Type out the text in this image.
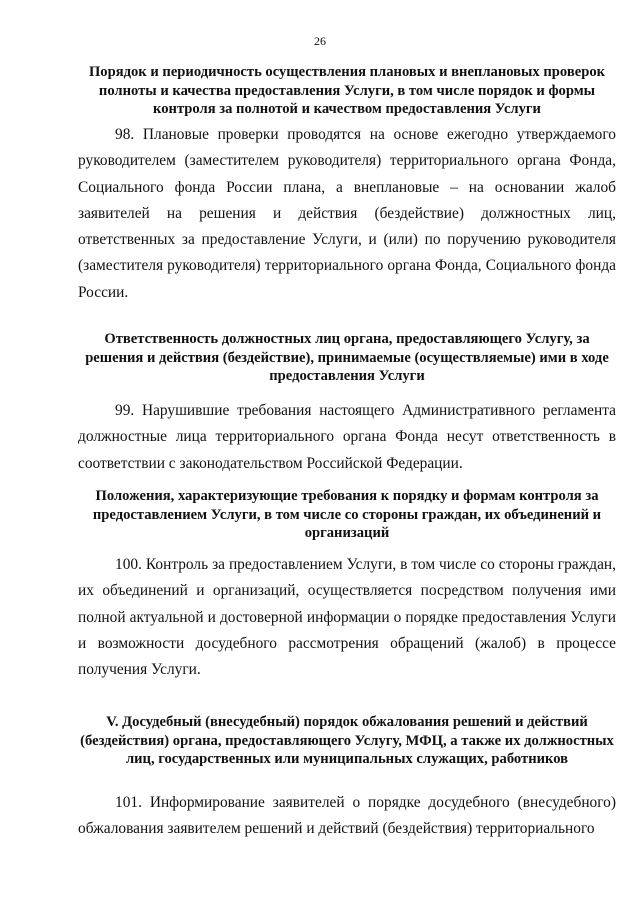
26
Порядок и периодичность осуществления плановых и внеплановых проверок полноты и качества предоставления Услуги, в том числе порядок и формы контроля за полнотой и качеством предоставления Услуги
98. Плановые проверки проводятся на основе ежегодно утверждаемого руководителем (заместителем руководителя) территориального органа Фонда, Социального фонда России плана, а внеплановые – на основании жалоб заявителей на решения и действия (бездействие) должностных лиц, ответственных за предоставление Услуги, и (или) по поручению руководителя (заместителя руководителя) территориального органа Фонда, Социального фонда России.
Ответственность должностных лиц органа, предоставляющего Услугу, за решения и действия (бездействие), принимаемые (осуществляемые) ими в ходе предоставления Услуги
99. Нарушившие требования настоящего Административного регламента должностные лица территориального органа Фонда несут ответственность в соответствии с законодательством Российской Федерации.
Положения, характеризующие требования к порядку и формам контроля за предоставлением Услуги, в том числе со стороны граждан, их объединений и организаций
100. Контроль за предоставлением Услуги, в том числе со стороны граждан, их объединений и организаций, осуществляется посредством получения ими полной актуальной и достоверной информации о порядке предоставления Услуги и возможности досудебного рассмотрения обращений (жалоб) в процессе получения Услуги.
V. Досудебный (внесудебный) порядок обжалования решений и действий (бездействия) органа, предоставляющего Услугу, МФЦ, а также их должностных лиц, государственных или муниципальных служащих, работников
101. Информирование заявителей о порядке досудебного (внесудебного) обжалования заявителем решений и действий (бездействия) территориального
